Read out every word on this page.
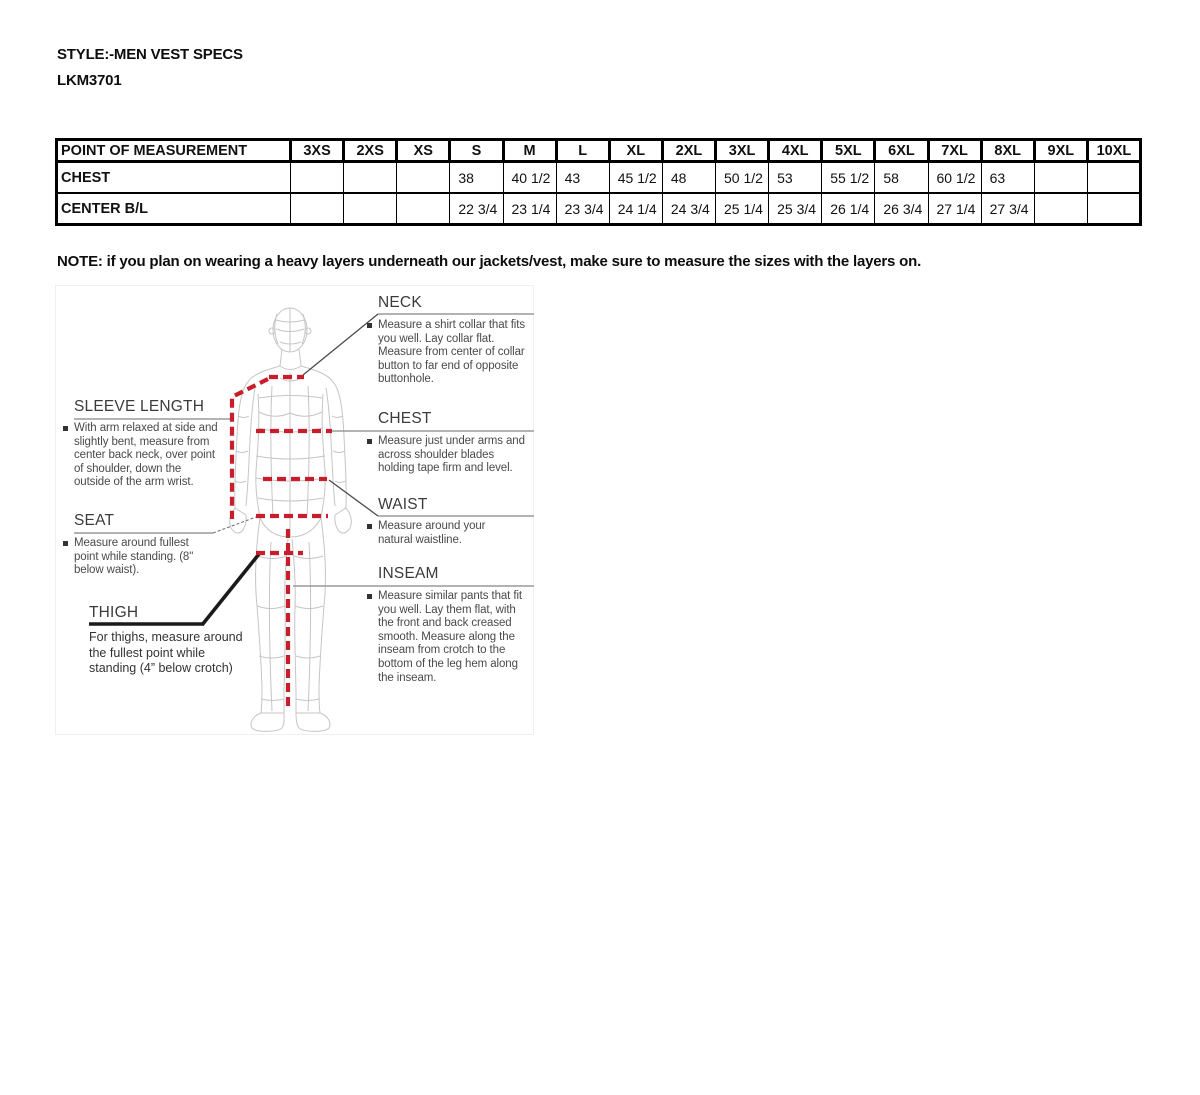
STYLE:-MEN VEST SPECS
LKM3701
POINT OF MEASUREMENT	3XS	2XS	XS	S	M	L	XL	2XL	3XL	4XL	5XL	6XL	7XL	8XL	9XL	10XL
CHEST				38	40 1/2	43	45 1/2	48	50 1/2	53	55 1/2	58	60 1/2	63		
CENTER B/L				22 3/4	23 1/4	23 3/4	24 1/4	24 3/4	25 1/4	25 3/4	26 1/4	26 3/4	27 1/4	27 3/4		
NOTE: if you plan on wearing a heavy layers underneath our jackets/vest, make sure to measure the sizes with the layers on.
NECK
Measure a shirt collar that fits you well. Lay collar flat. Measure from center of collar button to far end of opposite buttonhole.
CHEST
Measure just under arms and across shoulder blades holding tape firm and level.
WAIST
Measure around your natural waistline.
INSEAM
Measure similar pants that fit you well. Lay them flat, with the front and back creased smooth. Measure along the inseam from crotch to the bottom of the leg hem along the inseam.
SLEEVE LENGTH
With arm relaxed at side and slightly bent, measure from center back neck, over point of shoulder, down the outside of the arm wrist.
SEAT
Measure around fullest point while standing. (8" below waist).
THIGH
For thighs, measure around the fullest point while standing (4” below crotch)
